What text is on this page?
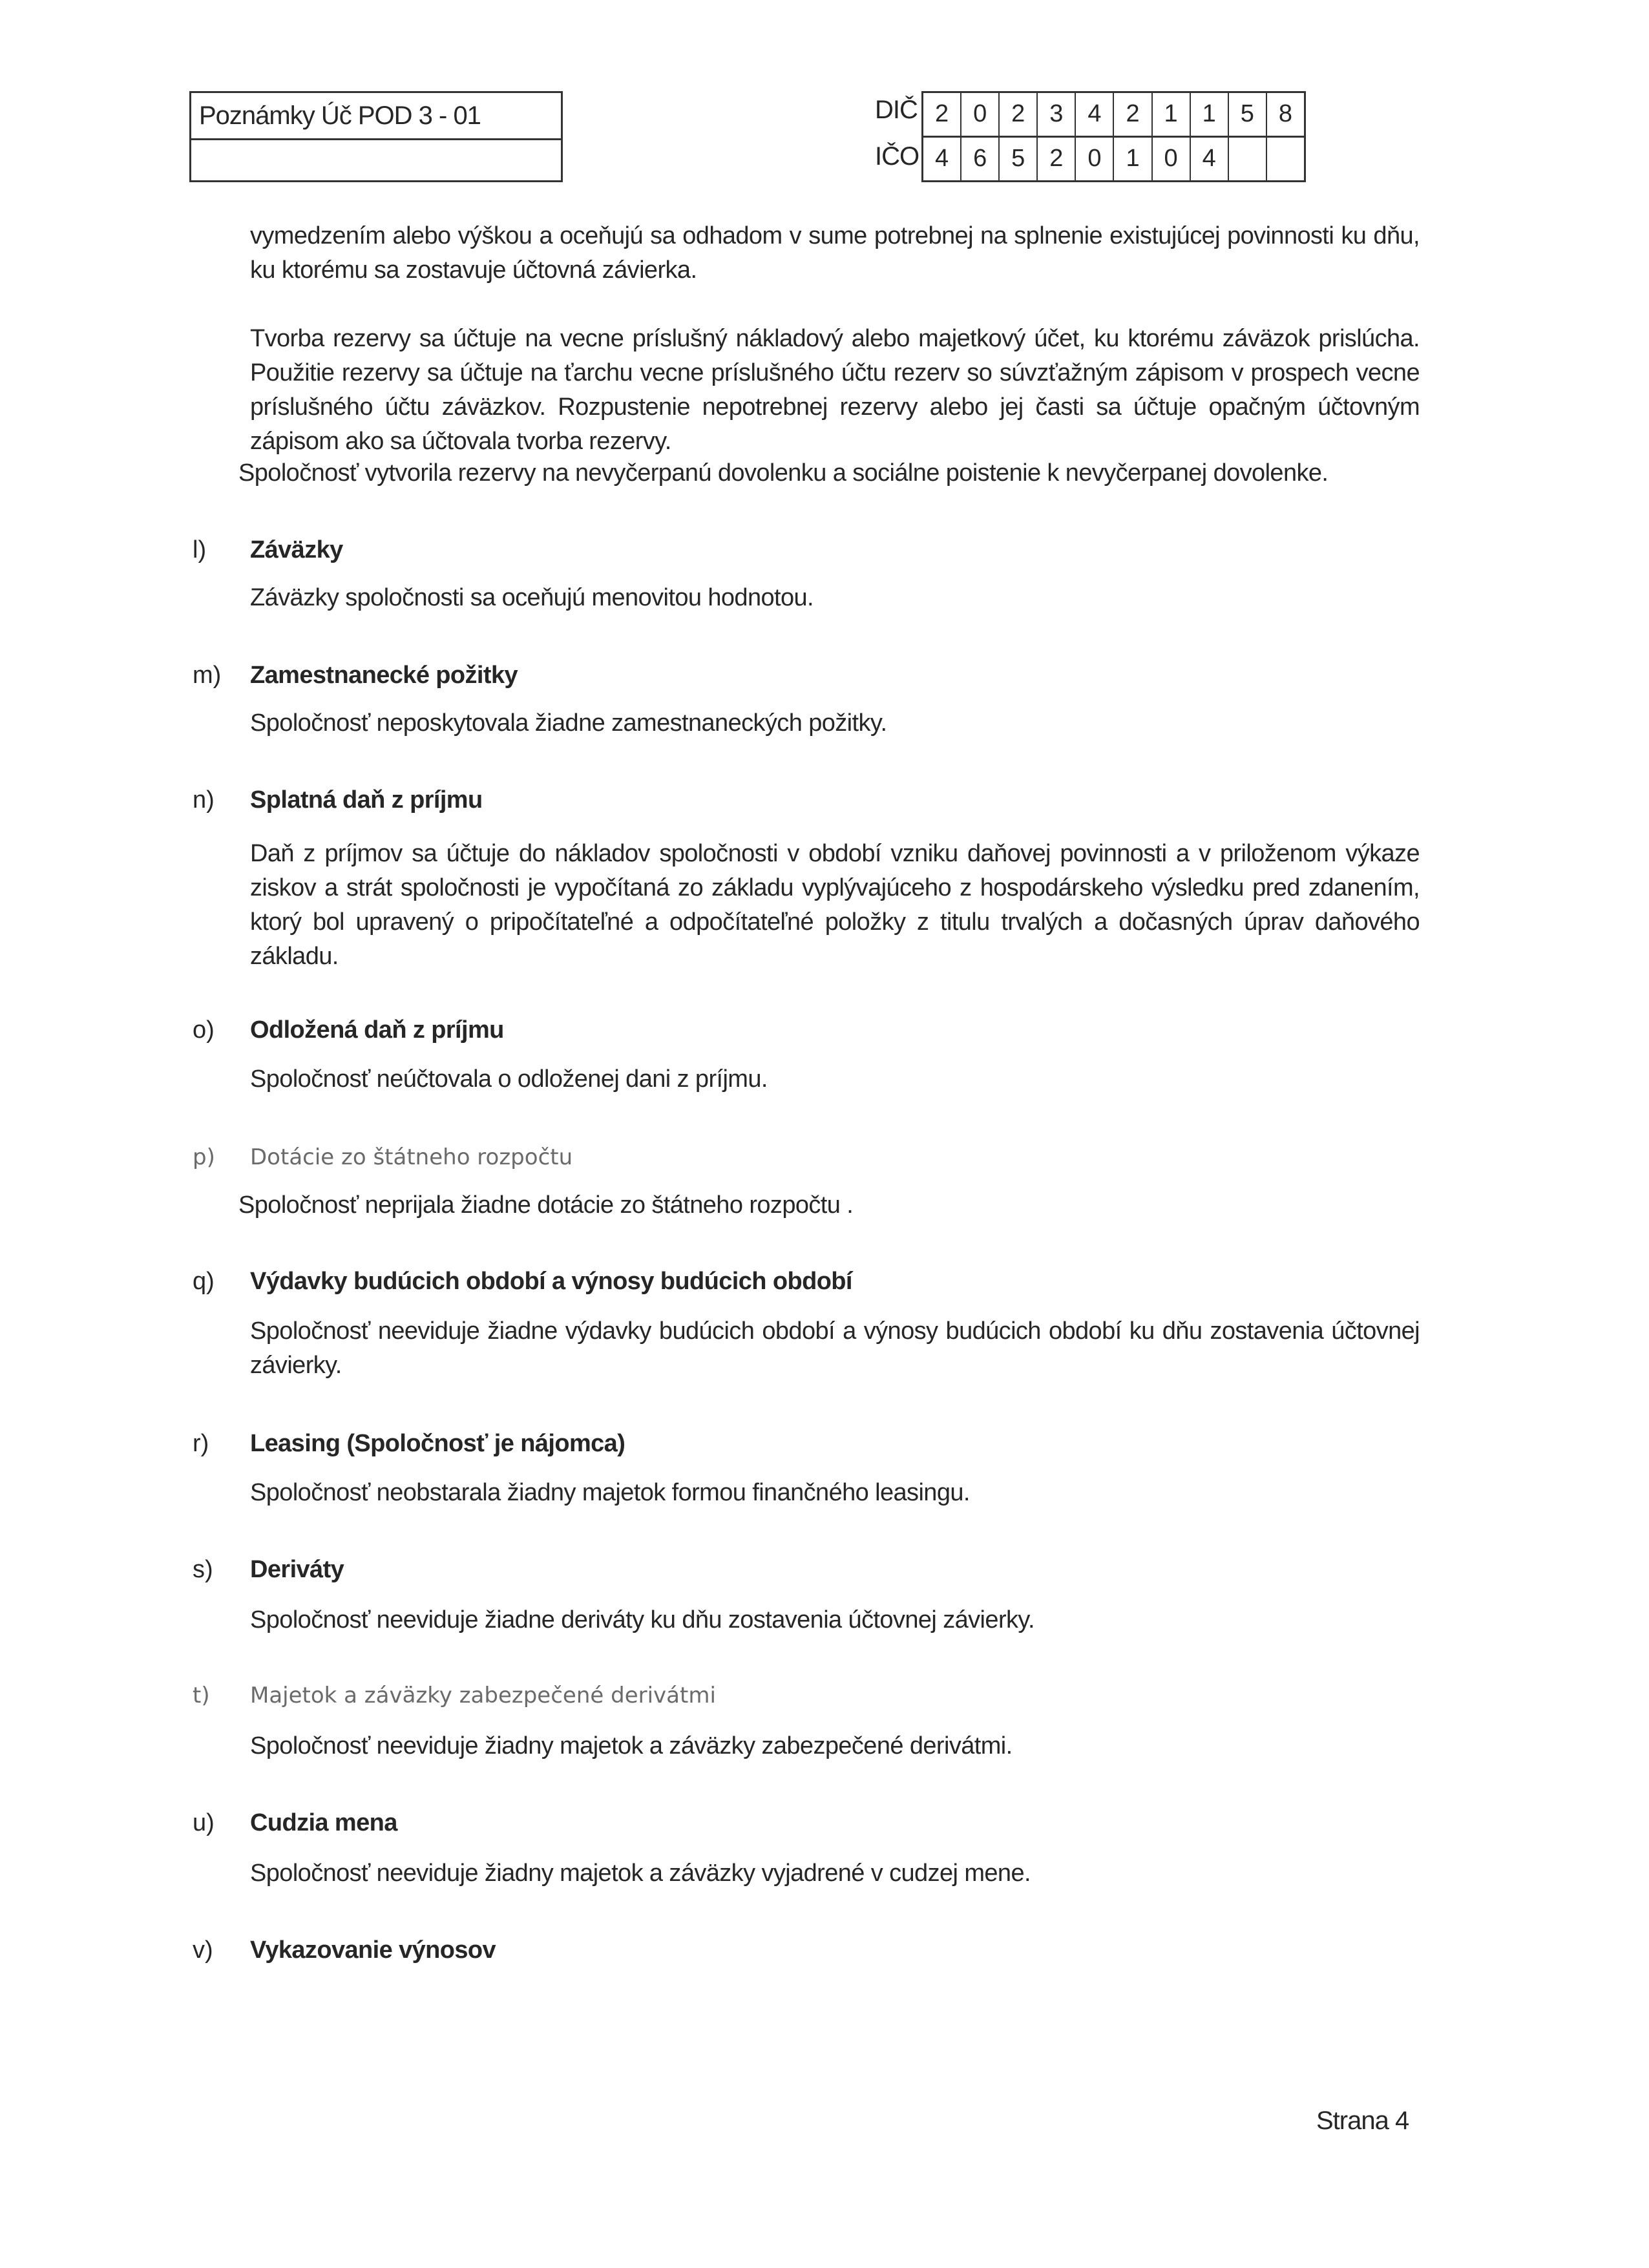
Poznámky Úč POD 3 - 01	DIČ
IČO
2 0 2 3 4 2 1 1 5 8
4 6 5 2 0 1 0 4
vymedzením alebo výškou a oceňujú sa odhadom v sume potrebnej na splnenie existujúcej povinnosti ku dňu, ku ktorému sa zostavuje účtovná závierka.
Tvorba rezervy sa účtuje na vecne príslušný nákladový alebo majetkový účet, ku ktorému záväzok prislúcha. Použitie rezervy sa účtuje na ťarchu vecne príslušného účtu rezerv so súvzťažným zápisom v prospech vecne príslušného účtu záväzkov. Rozpustenie nepotrebnej rezervy alebo jej časti sa účtuje opačným účtovným zápisom ako sa účtovala tvorba rezervy.
Spoločnosť vytvorila rezervy na nevyčerpanú dovolenku a sociálne poistenie k nevyčerpanej dovolenke.
l) Záväzky
Záväzky spoločnosti sa oceňujú menovitou hodnotou.
m) Zamestnanecké požitky
Spoločnosť neposkytovala žiadne zamestnaneckých požitky.
n) Splatná daň z príjmu
Daň z príjmov sa účtuje do nákladov spoločnosti v období vzniku daňovej povinnosti a v priloženom výkaze ziskov a strát spoločnosti je vypočítaná zo základu vyplývajúceho z hospodárskeho výsledku pred zdanením, ktorý bol upravený o pripočítateľné a odpočítateľné položky z titulu trvalých a dočasných úprav daňového základu.
o) Odložená daň z príjmu
Spoločnosť neúčtovala o odloženej dani z príjmu.
p) Dotácie zo štátneho rozpočtu
Spoločnosť neprijala žiadne dotácie zo štátneho rozpočtu .
q) Výdavky budúcich období a výnosy budúcich období
Spoločnosť neeviduje žiadne výdavky budúcich období a výnosy budúcich období ku dňu zostavenia účtovnej závierky.
r) Leasing (Spoločnosť je nájomca)
Spoločnosť neobstarala žiadny majetok formou finančného leasingu.
s) Deriváty
Spoločnosť neeviduje žiadne deriváty ku dňu zostavenia účtovnej závierky.
t) Majetok a záväzky zabezpečené derivátmi
Spoločnosť neeviduje žiadny majetok a záväzky zabezpečené derivátmi.
u) Cudzia mena
Spoločnosť neeviduje žiadny majetok a záväzky vyjadrené v cudzej mene.
v) Vykazovanie výnosov
Strana 4
